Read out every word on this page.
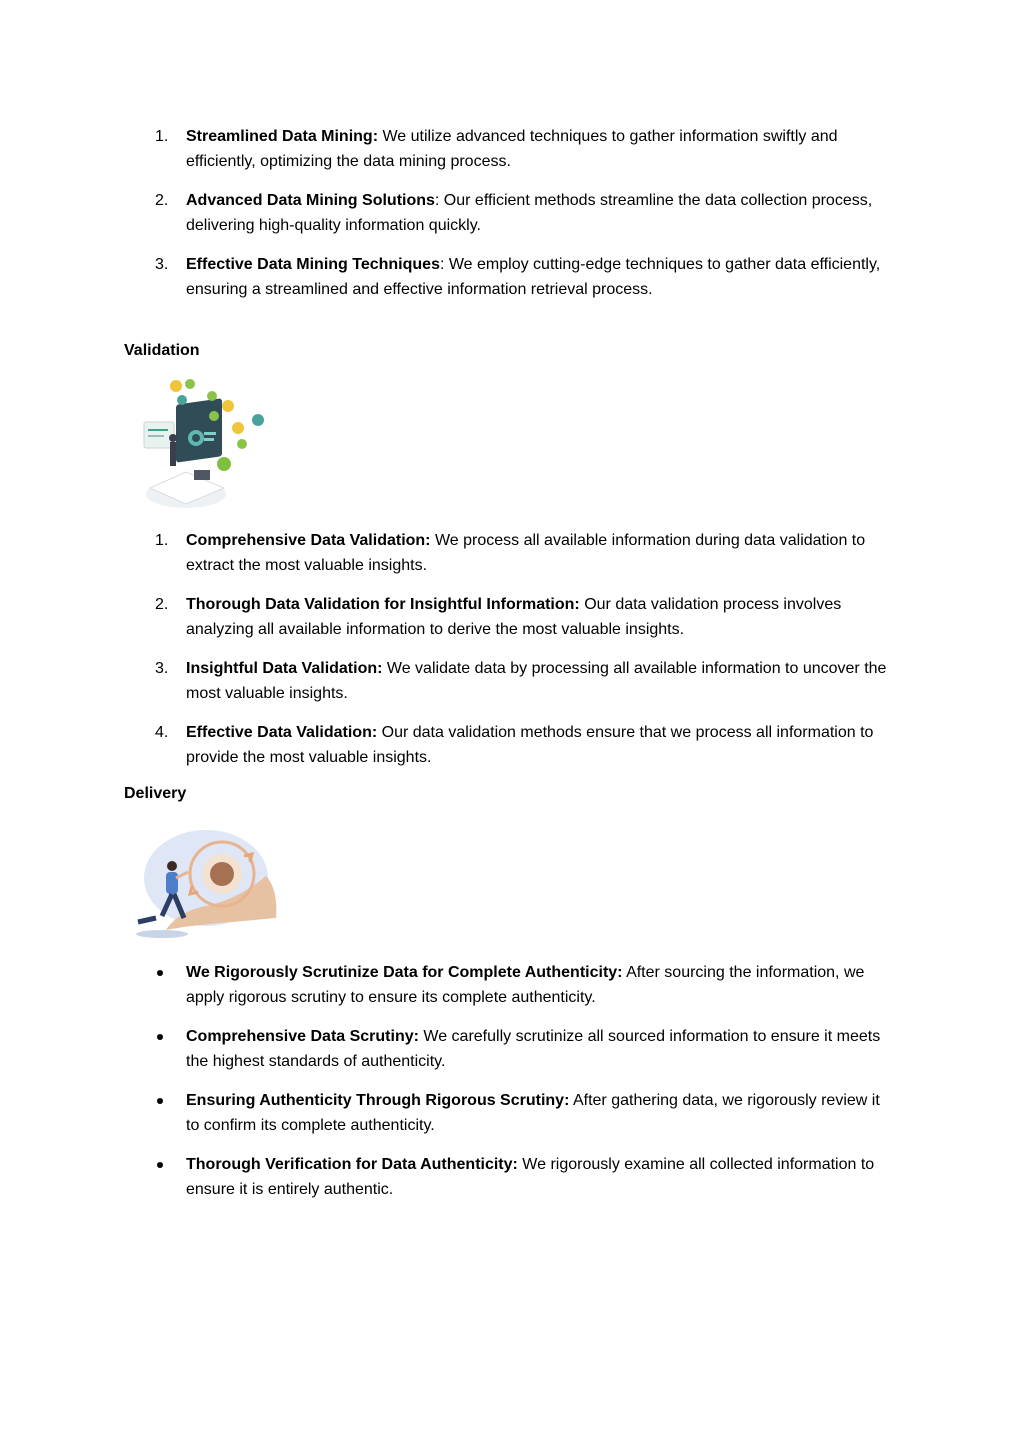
1. Streamlined Data Mining: We utilize advanced techniques to gather information swiftly and efficiently, optimizing the data mining process.
2. Advanced Data Mining Solutions: Our efficient methods streamline the data collection process, delivering high-quality information quickly.
3. Effective Data Mining Techniques: We employ cutting-edge techniques to gather data efficiently, ensuring a streamlined and effective information retrieval process.
Validation
1. Comprehensive Data Validation: We process all available information during data validation to extract the most valuable insights.
2. Thorough Data Validation for Insightful Information: Our data validation process involves analyzing all available information to derive the most valuable insights.
3. Insightful Data Validation: We validate data by processing all available information to uncover the most valuable insights.
4. Effective Data Validation: Our data validation methods ensure that we process all information to provide the most valuable insights.
Delivery
We Rigorously Scrutinize Data for Complete Authenticity: After sourcing the information, we apply rigorous scrutiny to ensure its complete authenticity.
Comprehensive Data Scrutiny: We carefully scrutinize all sourced information to ensure it meets the highest standards of authenticity.
Ensuring Authenticity Through Rigorous Scrutiny: After gathering data, we rigorously review it to confirm its complete authenticity.
Thorough Verification for Data Authenticity: We rigorously examine all collected information to ensure it is entirely authentic.
